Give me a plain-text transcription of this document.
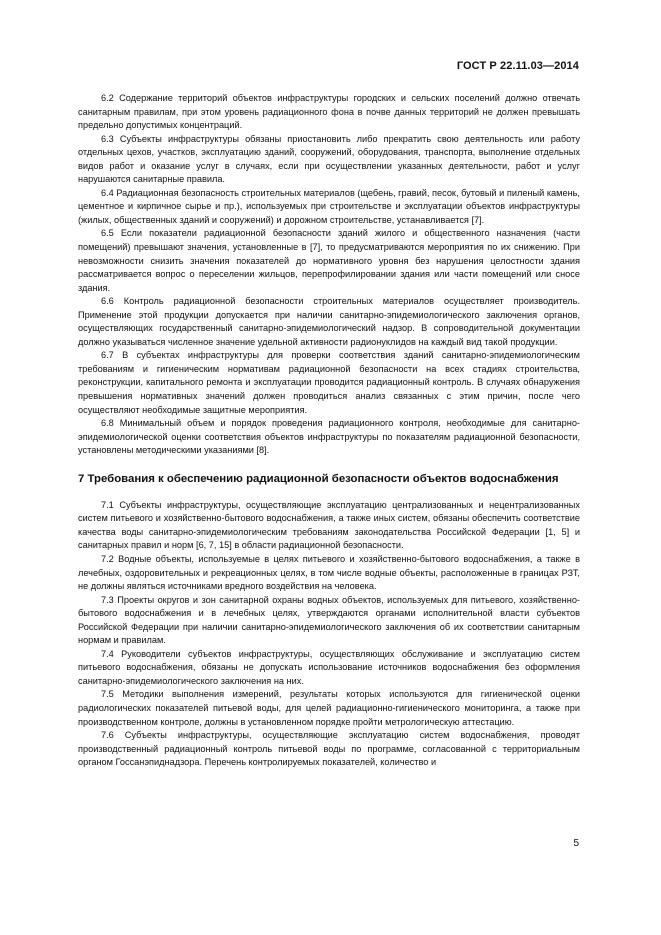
ГОСТ Р 22.11.03—2014

6.2 Содержание территорий объектов инфраструктуры городских и сельских поселений должно отвечать санитарным правилам, при этом уровень радиационного фона в почве данных территорий не должен превышать предельно допустимых концентраций.

6.3 Субъекты инфраструктуры обязаны приостановить либо прекратить свою деятельность или работу отдельных цехов, участков, эксплуатацию зданий, сооружений, оборудования, транспорта, выполнение отдельных видов работ и оказание услуг в случаях, если при осуществлении указанных деятельности, работ и услуг нарушаются санитарные правила.

6.4 Радиационная безопасность строительных материалов (щебень, гравий, песок, бутовый и пиленый камень, цементное и кирпичное сырье и пр.), используемых при строительстве и эксплуатации объектов инфраструктуры (жилых, общественных зданий и сооружений) и дорожном строительстве, устанавливается [7].

6.5 Если показатели радиационной безопасности зданий жилого и общественного назначения (части помещений) превышают значения, установленные в [7], то предусматриваются мероприятия по их снижению. При невозможности снизить значения показателей до нормативного уровня без нарушения целостности здания рассматривается вопрос о переселении жильцов, перепрофилировании здания или части помещений или сносе здания.

6.6 Контроль радиационной безопасности строительных материалов осуществляет производитель. Применение этой продукции допускается при наличии санитарно-эпидемиологического заключения органов, осуществляющих государственный санитарно-эпидемиологический надзор. В сопроводительной документации должно указываться численное значение удельной активности радионуклидов на каждый вид такой продукции.

6.7 В субъектах инфраструктуры для проверки соответствия зданий санитарно-эпидемиологическим требованиям и гигиеническим нормативам радиационной безопасности на всех стадиях строительства, реконструкции, капитального ремонта и эксплуатации проводится радиационный контроль. В случаях обнаружения превышения нормативных значений должен проводиться анализ связанных с этим причин, после чего осуществляют необходимые защитные мероприятия.

6.8 Минимальный объем и порядок проведения радиационного контроля, необходимые для санитарно-эпидемиологической оценки соответствия объектов инфраструктуры по показателям радиационной безопасности, установлены методическими указаниями [8].

7 Требования к обеспечению радиационной безопасности объектов водоснабжения

7.1 Субъекты инфраструктуры, осуществляющие эксплуатацию централизованных и нецентрализованных систем питьевого и хозяйственно-бытового водоснабжения, а также иных систем, обязаны обеспечить соответствие качества воды санитарно-эпидемиологическим требованиям законодательства Российской Федерации [1, 5] и санитарных правил и норм [6, 7, 15] в области радиационной безопасности.

7.2 Водные объекты, используемые в целях питьевого и хозяйственно-бытового водоснабжения, а также в лечебных, оздоровительных и рекреационных целях, в том числе водные объекты, расположенные в границах РЗТ, не должны являться источниками вредного воздействия на человека.

7.3 Проекты округов и зон санитарной охраны водных объектов, используемых для питьевого, хозяйственно-бытового водоснабжения и в лечебных целях, утверждаются органами исполнительной власти субъектов Российской Федерации при наличии санитарно-эпидемиологического заключения об их соответствии санитарным нормам и правилам.

7.4 Руководители субъектов инфраструктуры, осуществляющих обслуживание и эксплуатацию систем питьевого водоснабжения, обязаны не допускать использование источников водоснабжения без оформления санитарно-эпидемиологического заключения на них.

7.5 Методики выполнения измерений, результаты которых используются для гигиенической оценки радиологических показателей питьевой воды, для целей радиационно-гигиенического мониторинга, а также при производственном контроле, должны в установленном порядке пройти метрологическую аттестацию.

7.6 Субъекты инфраструктуры, осуществляющие эксплуатацию систем водоснабжения, проводят производственный радиационный контроль питьевой воды по программе, согласованной с территориальным органом Госсанэпиднадзора. Перечень контролируемых показателей, количество и

5
